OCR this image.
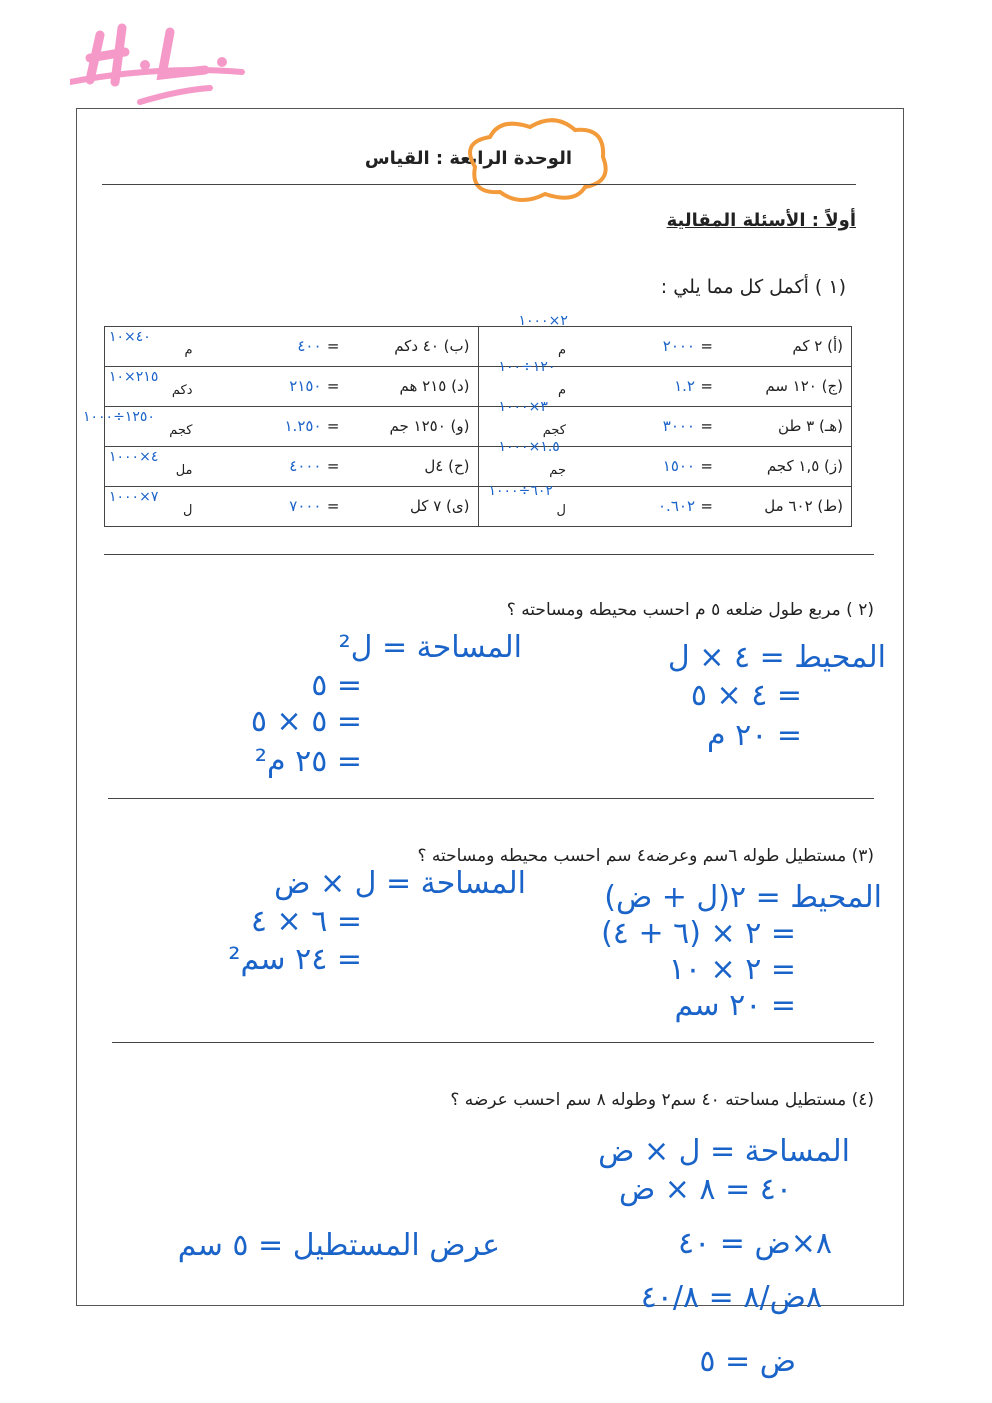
الوحدة الرابعة : القياس
أولاً : الأسئلة المقالية
(١ ) أكمل كل مما يلي :
(أ) ٢ كم
=
٢٠٠٠
م
٢×١٠٠٠	(ب) ٤٠ دكم
=
٤٠٠
م
٤٠×١٠

(ج) ١٢٠ سم
=
١.٢
م
١٢٠÷١٠٠	(د) ٢١٥ هم
=
٢١٥٠
دكم
٢١٥×١٠

(هـ) ٣ طن
=
٣٠٠٠
كجم
٣×١٠٠٠	(و) ١٢٥٠ جم
=
١.٢٥٠
كجم
١٢٥٠÷١٠٠٠

(ز) ١,٥ كجم
=
١٥٠٠
جم
١.٥×١٠٠٠	(ح) ٤ل
=
٤٠٠٠
مل
٤×١٠٠٠

(ط) ٦٠٢ مل
=
٠.٦٠٢
ل
٦٠٢÷١٠٠٠	(ى) ٧ كل
=
٧٠٠٠
ل
٧×١٠٠٠
(٢ ) مربع طول ضلعه ٥ م احسب محيطه ومساحته ؟
المحيط = ٤ × ل
= ٤ × ٥
= ٢٠ م
المساحة = ل²
= ٥
= ٥ × ٥
= ٢٥ م²
(٣) مستطيل طوله ٦سم وعرضه٤ سم احسب محيطه ومساحته ؟
المحيط = ٢(ل + ض)
= ٢ × (٦ + ٤)
= ٢ × ١٠
= ٢٠ سم
المساحة = ل × ض
= ٦ × ٤
= ٢٤ سم²
(٤) مستطيل مساحته ٤٠ سم٢ وطوله ٨ سم احسب عرضه ؟
المساحة = ل × ض
٤٠ = ٨ × ض
٨×ض = ٤٠
٨ض/٨ = ٤٠/٨
ض = ٥
عرض المستطيل = ٥ سم
